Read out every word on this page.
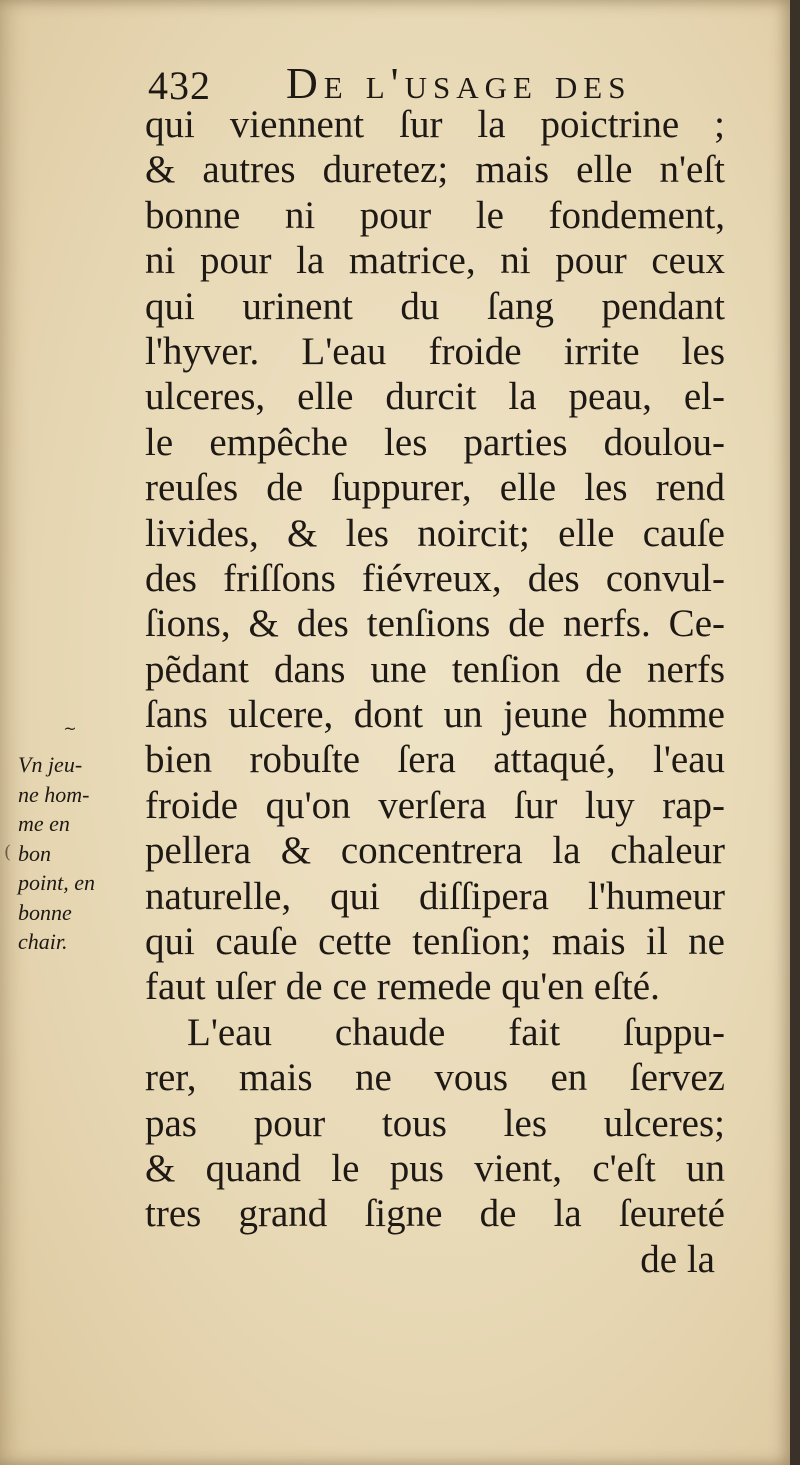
432 De l'usage des
qui viennent ſur la poictrine ;
& autres duretez; mais elle n'eſt
bonne ni pour le fondement,
ni pour la matrice, ni pour ceux
qui urinent du ſang pendant
l'hyver. L'eau froide irrite les
ulceres, elle durcit la peau, el-
le empêche les parties doulou-
reuſes de ſuppurer, elle les rend
livides, & les noircit; elle cauſe
des friſſons fiévreux, des convul-
ſions, & des tenſions de nerfs. Ce-
pẽdant dans une tenſion de nerfs
ſans ulcere, dont un jeune homme
bien robuſte ſera attaqué, l'eau
froide qu'on verſera ſur luy rap-
pellera & concentrera la chaleur
naturelle, qui diſſipera l'humeur
qui cauſe cette tenſion; mais il ne
faut uſer de ce remede qu'en eſté.
L'eau chaude fait ſuppu-
rer, mais ne vous en ſervez
pas pour tous les ulceres;
& quand le pus vient, c'eſt un
tres grand ſigne de la ſeureté
de la
~
Vn jeu-
ne hom-
me en
bon
point, en
bonne
chair.
(
